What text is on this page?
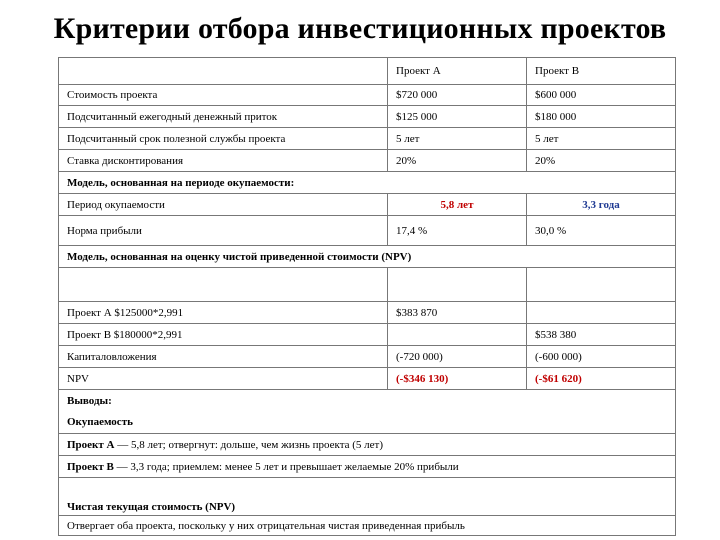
Критерии отбора инвестиционных проектов
	Проект А	Проект В
Стоимость проекта	$720 000	$600 000
Подсчитанный ежегодный денежный приток	$125 000	$180 000
Подсчитанный срок полезной службы проекта	5 лет	5 лет
Ставка дисконтирования	20%	20%
Модель, основанная на периоде окупаемости:		
Период окупаемости	5,8 лет	3,3 года
Норма прибыли	17,4 %	30,0 %
Модель, основанная на оценку чистой приведенной стоимости (NPV)		

Проект А $125000*2,991	$383 870	
Проект В $180000*2,991		$538 380
Капиталовложения	(-720 000)	(-600 000)
NPV	(-$346 130)	(-$61 620)
Выводы:		
Окупаемость		
Проект А — 5,8 лет; отвергнут: дольше, чем жизнь проекта (5 лет)		
Проект В — 3,3 года; приемлем: менее 5 лет и превышает желаемые 20% прибыли		
Чистая текущая стоимость (NPV)		
Отвергает оба проекта, поскольку у них отрицательная чистая приведенная прибыль		
